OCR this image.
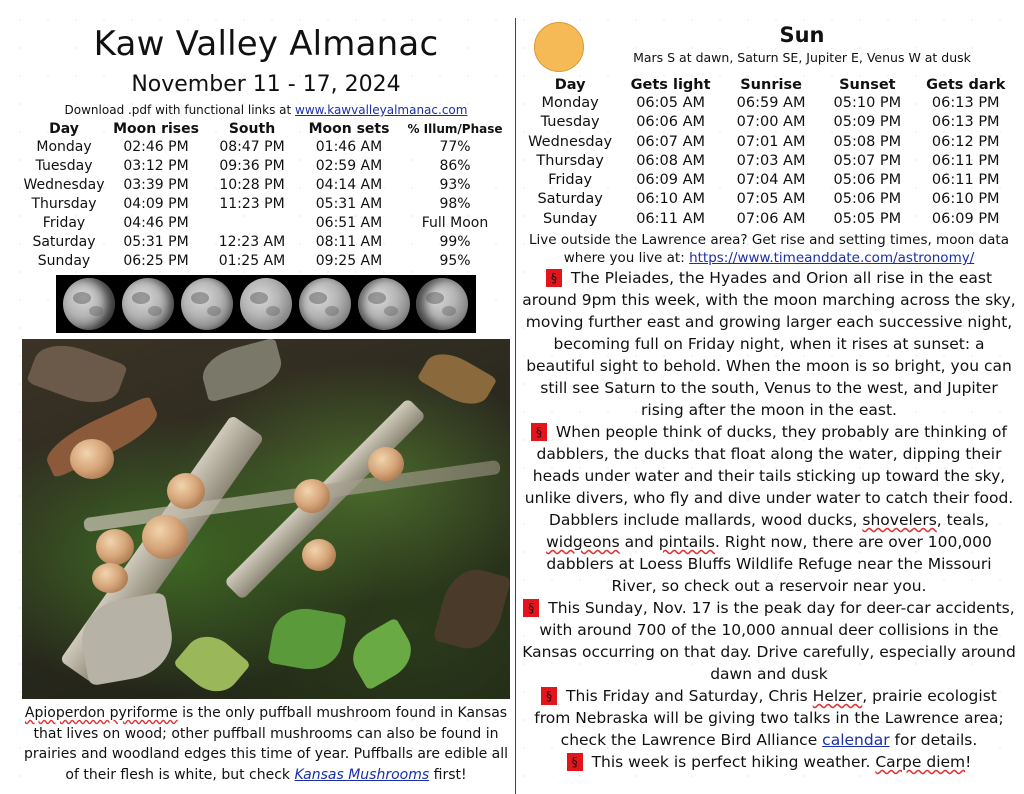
Kaw Valley Almanac
November 11 - 17, 2024
Download .pdf with functional links at www.kawvalleyalmanac.com
Day	Moon rises	South	Moon sets	% Illum/Phase
Monday	02:46 PM	08:47 PM	01:46 AM	77%
Tuesday	03:12 PM	09:36 PM	02:59 AM	86%
Wednesday	03:39 PM	10:28 PM	04:14 AM	93%
Thursday	04:09 PM	11:23 PM	05:31 AM	98%
Friday	04:46 PM		06:51 AM	Full Moon
Saturday	05:31 PM	12:23 AM	08:11 AM	99%
Sunday	06:25 PM	01:25 AM	09:25 AM	95%
Apioperdon pyriforme is the only puffball mushroom found in Kansas that lives on wood; other puffball mushrooms can also be found in prairies and woodland edges this time of year. Puffballs are edible all of their flesh is white, but check Kansas Mushrooms first!
Sun
Mars S at dawn, Saturn SE, Jupiter E, Venus W at dusk
Day	Gets light	Sunrise	Sunset	Gets dark
Monday	06:05 AM	06:59 AM	05:10 PM	06:13 PM
Tuesday	06:06 AM	07:00 AM	05:09 PM	06:13 PM
Wednesday	06:07 AM	07:01 AM	05:08 PM	06:12 PM
Thursday	06:08 AM	07:03 AM	05:07 PM	06:11 PM
Friday	06:09 AM	07:04 AM	05:06 PM	06:11 PM
Saturday	06:10 AM	07:05 AM	05:06 PM	06:10 PM
Sunday	06:11 AM	07:06 AM	05:05 PM	06:09 PM
Live outside the Lawrence area? Get rise and setting times, moon data where you live at: https://www.timeanddate.com/astronomy/

§ The Pleiades, the Hyades and Orion all rise in the east around 9pm this week, with the moon marching across the sky, moving further east and growing larger each successive night, becoming full on Friday night, when it rises at sunset: a beautiful sight to behold. When the moon is so bright, you can still see Saturn to the south, Venus to the west, and Jupiter rising after the moon in the east.

§ When people think of ducks, they probably are thinking of dabblers, the ducks that float along the water, dipping their heads under water and their tails sticking up toward the sky, unlike divers, who fly and dive under water to catch their food. Dabblers include mallards, wood ducks, shovelers, teals, widgeons and pintails. Right now, there are over 100,000 dabblers at Loess Bluffs Wildlife Refuge near the Missouri River, so check out a reservoir near you.

§ This Sunday, Nov. 17 is the peak day for deer-car accidents, with around 700 of the 10,000 annual deer collisions in the Kansas occurring on that day. Drive carefully, especially around dawn and dusk

§ This Friday and Saturday, Chris Helzer, prairie ecologist from Nebraska will be giving two talks in the Lawrence area; check the Lawrence Bird Alliance calendar for details.

§ This week is perfect hiking weather. Carpe diem!
